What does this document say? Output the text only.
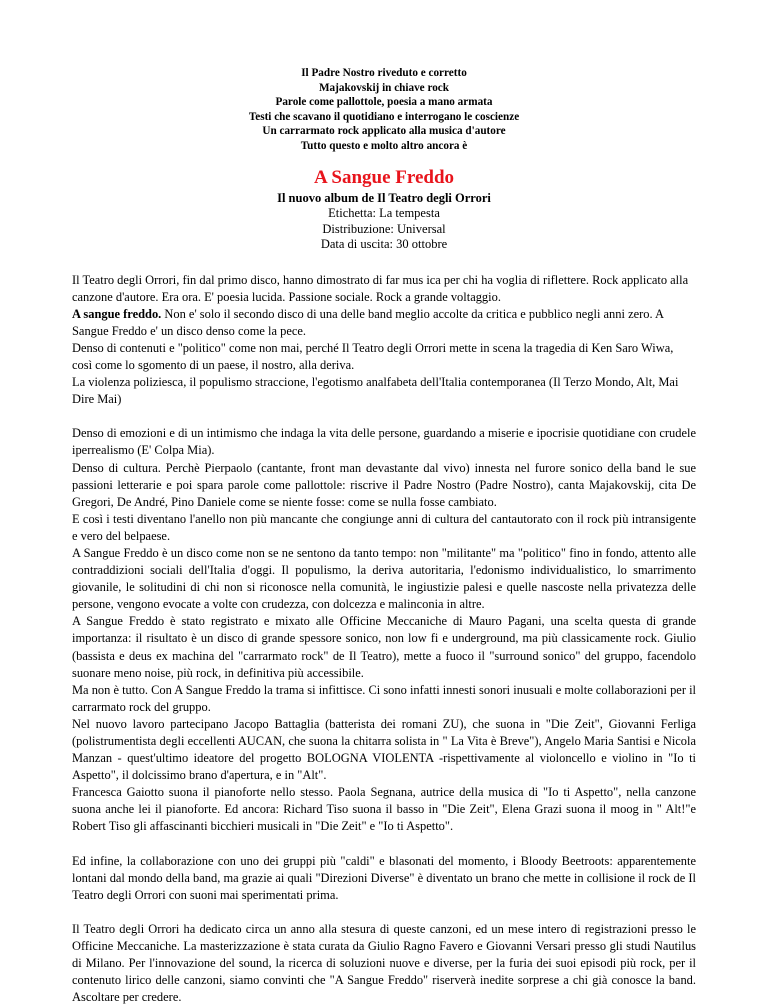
Il Padre Nostro riveduto e corretto
Majakovskij in chiave rock
Parole come pallottole, poesia a mano armata
Testi che scavano il quotidiano e interrogano le coscienze
Un carrarmato rock applicato alla musica d'autore
Tutto questo e molto altro ancora è
A Sangue Freddo
Il nuovo album de Il Teatro degli Orrori
Etichetta: La tempesta
Distribuzione: Universal
Data di uscita: 30 ottobre

Il Teatro degli Orrori, fin dal primo disco, hanno dimostrato di far mus ica per chi ha voglia di riflettere. Rock applicato alla canzone d'autore. Era ora. E' poesia lucida. Passione sociale. Rock a grande voltaggio.

A sangue freddo. Non e' solo il secondo disco di una delle band meglio accolte da critica e pubblico negli anni zero. A Sangue Freddo e' un disco denso come la pece.

Denso di contenuti e "politico" come non mai, perché Il Teatro degli Orrori mette in scena la tragedia di Ken Saro Wiwa, così come lo sgomento di un paese, il nostro, alla deriva.

La violenza poliziesca, il populismo straccione, l'egotismo analfabeta dell'Italia contemporanea (Il Terzo Mondo, Alt, Mai Dire Mai)

Denso di emozioni e di un intimismo che indaga la vita delle persone, guardando a miserie e ipocrisie quotidiane con crudele iperrealismo (E' Colpa Mia).

Denso di cultura. Perchè Pierpaolo (cantante, front man devastante dal vivo) innesta nel furore sonico della band le sue passioni letterarie e poi spara parole come pallottole: riscrive il Padre Nostro (Padre Nostro), canta Majakovskij, cita De Gregori, De André, Pino Daniele come se niente fosse: come se nulla fosse cambiato.

E così i testi diventano l'anello non più mancante che congiunge anni di cultura del cantautorato con il rock più intransigente e vero del belpaese.

A Sangue Freddo è un disco come non se ne sentono da tanto tempo: non "militante" ma "politico" fino in fondo, attento alle contraddizioni sociali dell'Italia d'oggi. Il populismo, la deriva autoritaria, l'edonismo individualistico, lo smarrimento giovanile, le solitudini di chi non si riconosce nella comunità, le ingiustizie palesi e quelle nascoste nella privatezza delle persone, vengono evocate a volte con crudezza, con dolcezza e malinconia in altre.

A Sangue Freddo è stato registrato e mixato alle Officine Meccaniche di Mauro Pagani, una scelta questa di grande importanza: il risultato è un disco di grande spessore sonico, non low fi e underground, ma più classicamente rock. Giulio (bassista e deus ex machina del "carrarmato rock" de Il Teatro), mette a fuoco il "surround sonico" del gruppo, facendolo suonare meno noise, più rock, in definitiva più accessibile.

Ma non è tutto. Con A Sangue Freddo la trama si infittisce. Ci sono infatti innesti sonori inusuali e molte collaborazioni per il carrarmato rock del gruppo.

Nel nuovo lavoro partecipano Jacopo Battaglia (batterista dei romani ZU), che suona in "Die Zeit", Giovanni Ferliga (polistrumentista degli eccellenti AUCAN, che suona la chitarra solista in " La Vita è Breve"), Angelo Maria Santisi e Nicola Manzan - quest'ultimo ideatore del progetto BOLOGNA VIOLENTA -rispettivamente al violoncello e violino in "Io ti Aspetto", il dolcissimo brano d'apertura, e in "Alt".

Francesca Gaiotto suona il pianoforte nello stesso. Paola Segnana, autrice della musica di "Io ti Aspetto", nella canzone suona anche lei il pianoforte. Ed ancora: Richard Tiso suona il basso in "Die Zeit", Elena Grazi suona il moog in " Alt!"e Robert Tiso gli affascinanti bicchieri musicali in "Die Zeit" e "Io ti Aspetto".

Ed infine, la collaborazione con uno dei gruppi più "caldi" e blasonati del momento, i Bloody Beetroots: apparentemente lontani dal mondo della band, ma grazie ai quali "Direzioni Diverse" è diventato un brano che mette in collisione il rock de Il Teatro degli Orrori con suoni mai sperimentati prima.

Il Teatro degli Orrori ha dedicato circa un anno alla stesura di queste canzoni, ed un mese intero di registrazioni presso le Officine Meccaniche. La masterizzazione è stata curata da Giulio Ragno Favero e Giovanni Versari presso gli studi Nautilus di Milano. Per l'innovazione del sound, la ricerca di soluzioni nuove e diverse, per la furia dei suoi episodi più rock, per il contenuto lirico delle canzoni, siamo convinti che "A Sangue Freddo" riserverà inedite sorprese a chi già conosce la band. Ascoltare per credere.
